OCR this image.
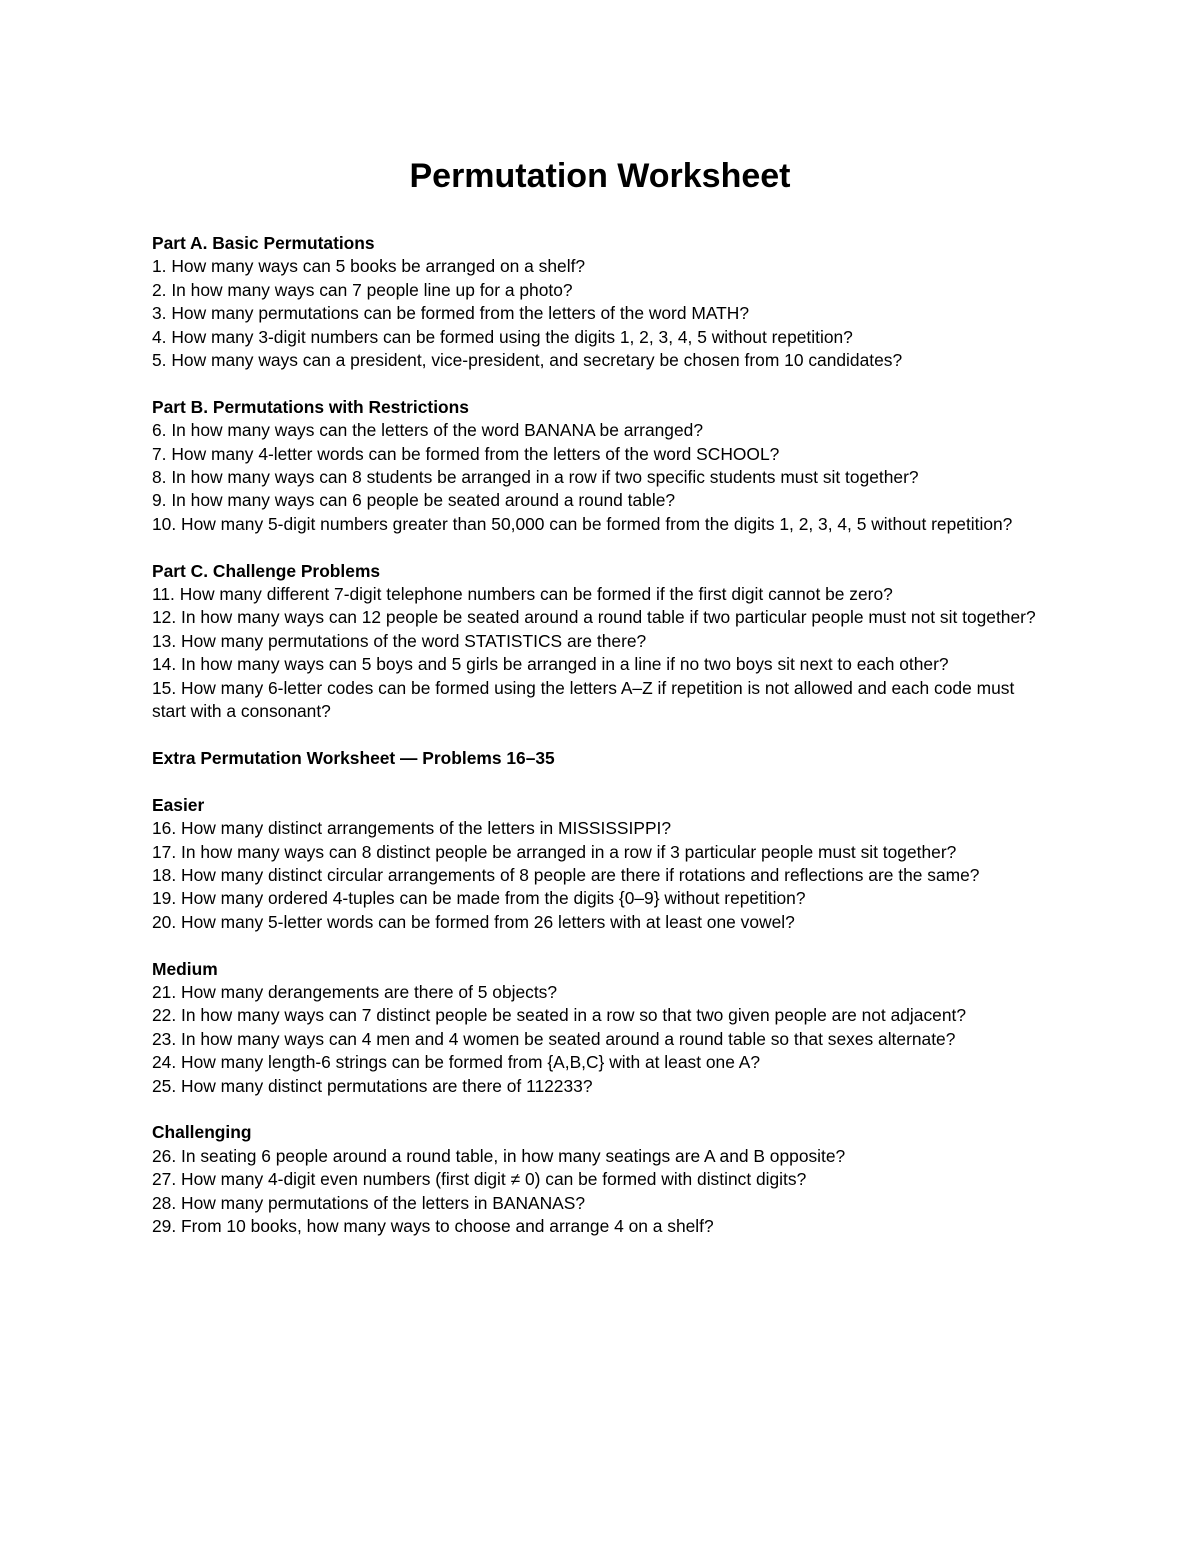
Permutation Worksheet

Part A. Basic Permutations

1. How many ways can 5 books be arranged on a shelf?

2. In how many ways can 7 people line up for a photo?

3. How many permutations can be formed from the letters of the word MATH?

4. How many 3-digit numbers can be formed using the digits 1, 2, 3, 4, 5 without repetition?

5. How many ways can a president, vice-president, and secretary be chosen from 10 candidates?

Part B. Permutations with Restrictions

6. In how many ways can the letters of the word BANANA be arranged?

7. How many 4-letter words can be formed from the letters of the word SCHOOL?

8. In how many ways can 8 students be arranged in a row if two specific students must sit together?

9. In how many ways can 6 people be seated around a round table?

10. How many 5-digit numbers greater than 50,000 can be formed from the digits 1, 2, 3, 4, 5 without repetition?

Part C. Challenge Problems

11. How many different 7-digit telephone numbers can be formed if the first digit cannot be zero?

12. In how many ways can 12 people be seated around a round table if two particular people must not sit together?

13. How many permutations of the word STATISTICS are there?

14. In how many ways can 5 boys and 5 girls be arranged in a line if no two boys sit next to each other?

15. How many 6-letter codes can be formed using the letters A–Z if repetition is not allowed and each code must start with a consonant?

Extra Permutation Worksheet — Problems 16–35

Easier

16. How many distinct arrangements of the letters in MISSISSIPPI?

17. In how many ways can 8 distinct people be arranged in a row if 3 particular people must sit together?

18. How many distinct circular arrangements of 8 people are there if rotations and reflections are the same?

19. How many ordered 4-tuples can be made from the digits {0–9} without repetition?

20. How many 5-letter words can be formed from 26 letters with at least one vowel?

Medium

21. How many derangements are there of 5 objects?

22. In how many ways can 7 distinct people be seated in a row so that two given people are not adjacent?

23. In how many ways can 4 men and 4 women be seated around a round table so that sexes alternate?

24. How many length-6 strings can be formed from {A,B,C} with at least one A?

25. How many distinct permutations are there of 112233?

Challenging

26. In seating 6 people around a round table, in how many seatings are A and B opposite?

27. How many 4-digit even numbers (first digit ≠ 0) can be formed with distinct digits?

28. How many permutations of the letters in BANANAS?

29. From 10 books, how many ways to choose and arrange 4 on a shelf?
